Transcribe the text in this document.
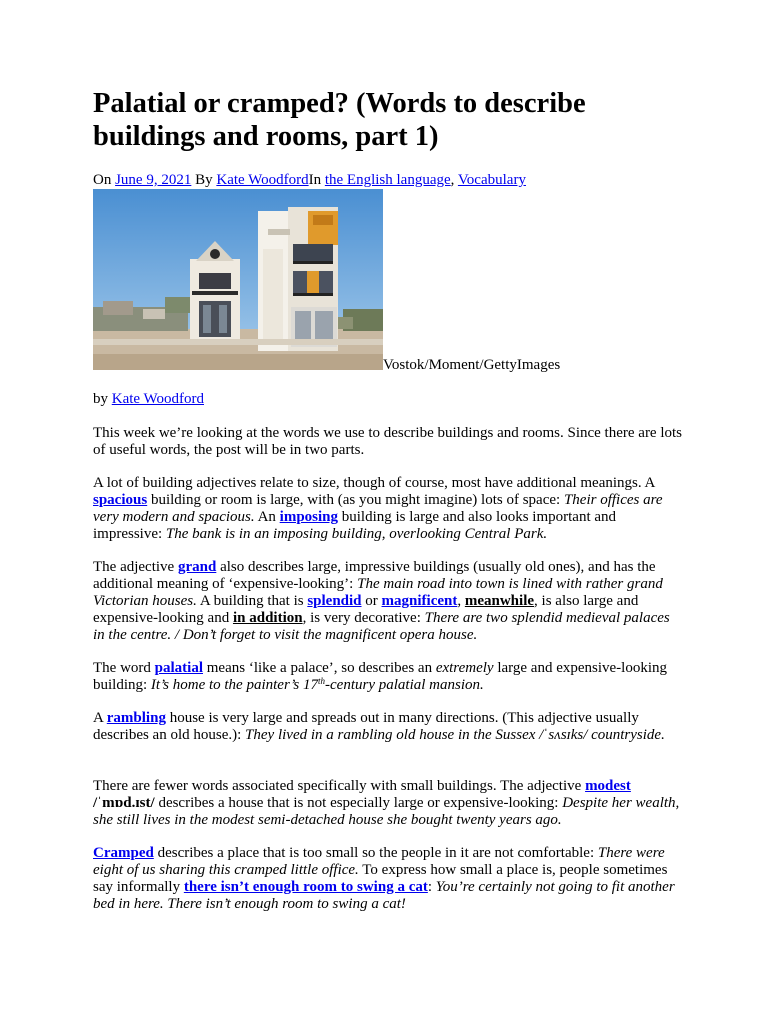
Palatial or cramped? (Words to describe buildings and rooms, part 1)
On June 9, 2021 By Kate WoodfordIn the English language, Vocabulary
Vostok/Moment/GettyImages
by Kate Woodford

This week we’re looking at the words we use to describe buildings and rooms. Since there are lots of useful words, the post will be in two parts.

A lot of building adjectives relate to size, though of course, most have additional meanings. A spacious building or room is large, with (as you might imagine) lots of space: Their offices are very modern and spacious. An imposing building is large and also looks important and impressive: The bank is in an imposing building, overlooking Central Park.

The adjective grand also describes large, impressive buildings (usually old ones), and has the additional meaning of ‘expensive-looking’: The main road into town is lined with rather grand Victorian houses. A building that is splendid or magnificent, meanwhile, is also large and expensive-looking and in addition, is very decorative: There are two splendid medieval palaces in the centre. / Don’t forget to visit the magnificent opera house.

The word palatial means ‘like a palace’, so describes an extremely large and expensive-looking building: It’s home to the painter’s 17th-century palatial mansion.

A rambling house is very large and spreads out in many directions. (This adjective usually describes an old house.): They lived in a rambling old house in the Sussex /ˈsʌsɪks/ countryside.

There are fewer words associated specifically with small buildings. The adjective modest
/ˈmɒd.ɪst/ describes a house that is not especially large or expensive-looking: Despite her wealth, she still lives in the modest semi-detached house she bought twenty years ago.

Cramped describes a place that is too small so the people in it are not comfortable: There were eight of us sharing this cramped little office. To express how small a place is, people sometimes say informally there isn’t enough room to swing a cat: You’re certainly not going to fit another bed in here. There isn’t enough room to swing a cat!
